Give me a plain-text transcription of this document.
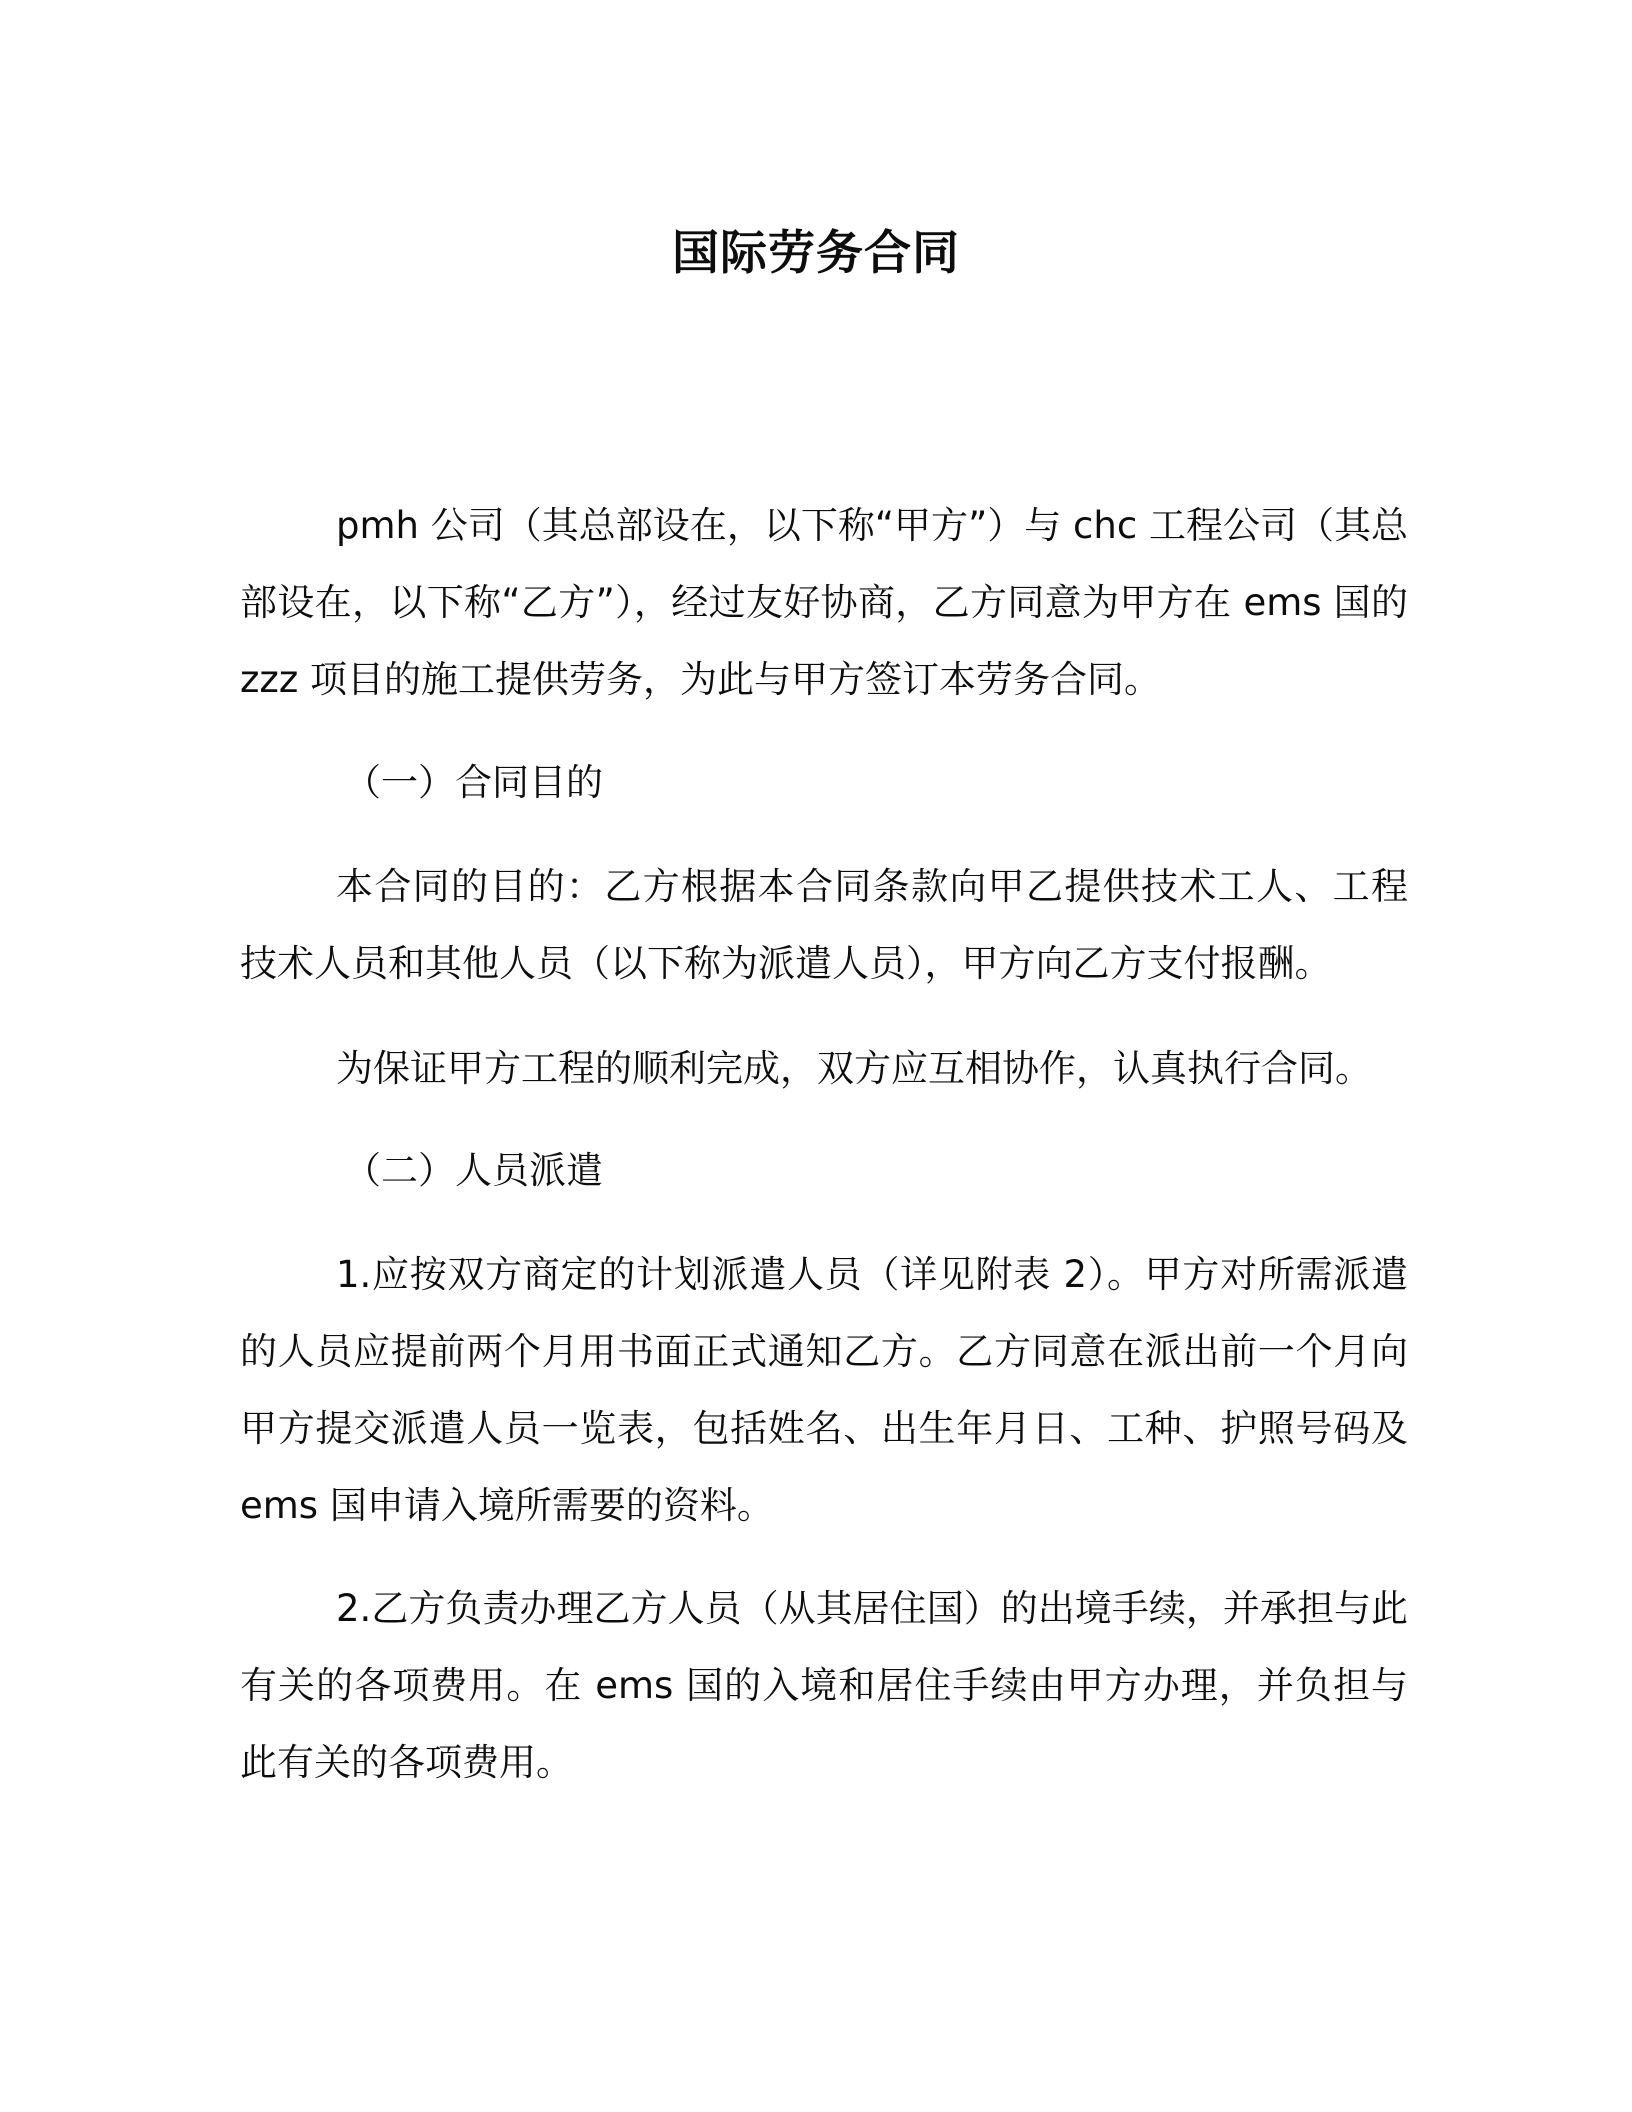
国际劳务合同

pmh 公司（其总部设在，以下称“甲方”）与 chc 工程公司（其总部设在，以下称“乙方”），经过友好协商，乙方同意为甲方在 ems 国的 zzz 项目的施工提供劳务，为此与甲方签订本劳务合同。

（一）合同目的

本合同的目的：乙方根据本合同条款向甲乙提供技术工人、工程技术人员和其他人员（以下称为派遣人员），甲方向乙方支付报酬。

为保证甲方工程的顺利完成，双方应互相协作，认真执行合同。

（二）人员派遣

1.应按双方商定的计划派遣人员（详见附表 2）。甲方对所需派遣的人员应提前两个月用书面正式通知乙方。乙方同意在派出前一个月向甲方提交派遣人员一览表，包括姓名、出生年月日、工种、护照号码及 ems 国申请入境所需要的资料。

2.乙方负责办理乙方人员（从其居住国）的出境手续，并承担与此有关的各项费用。在 ems 国的入境和居住手续由甲方办理，并负担与此有关的各项费用。
